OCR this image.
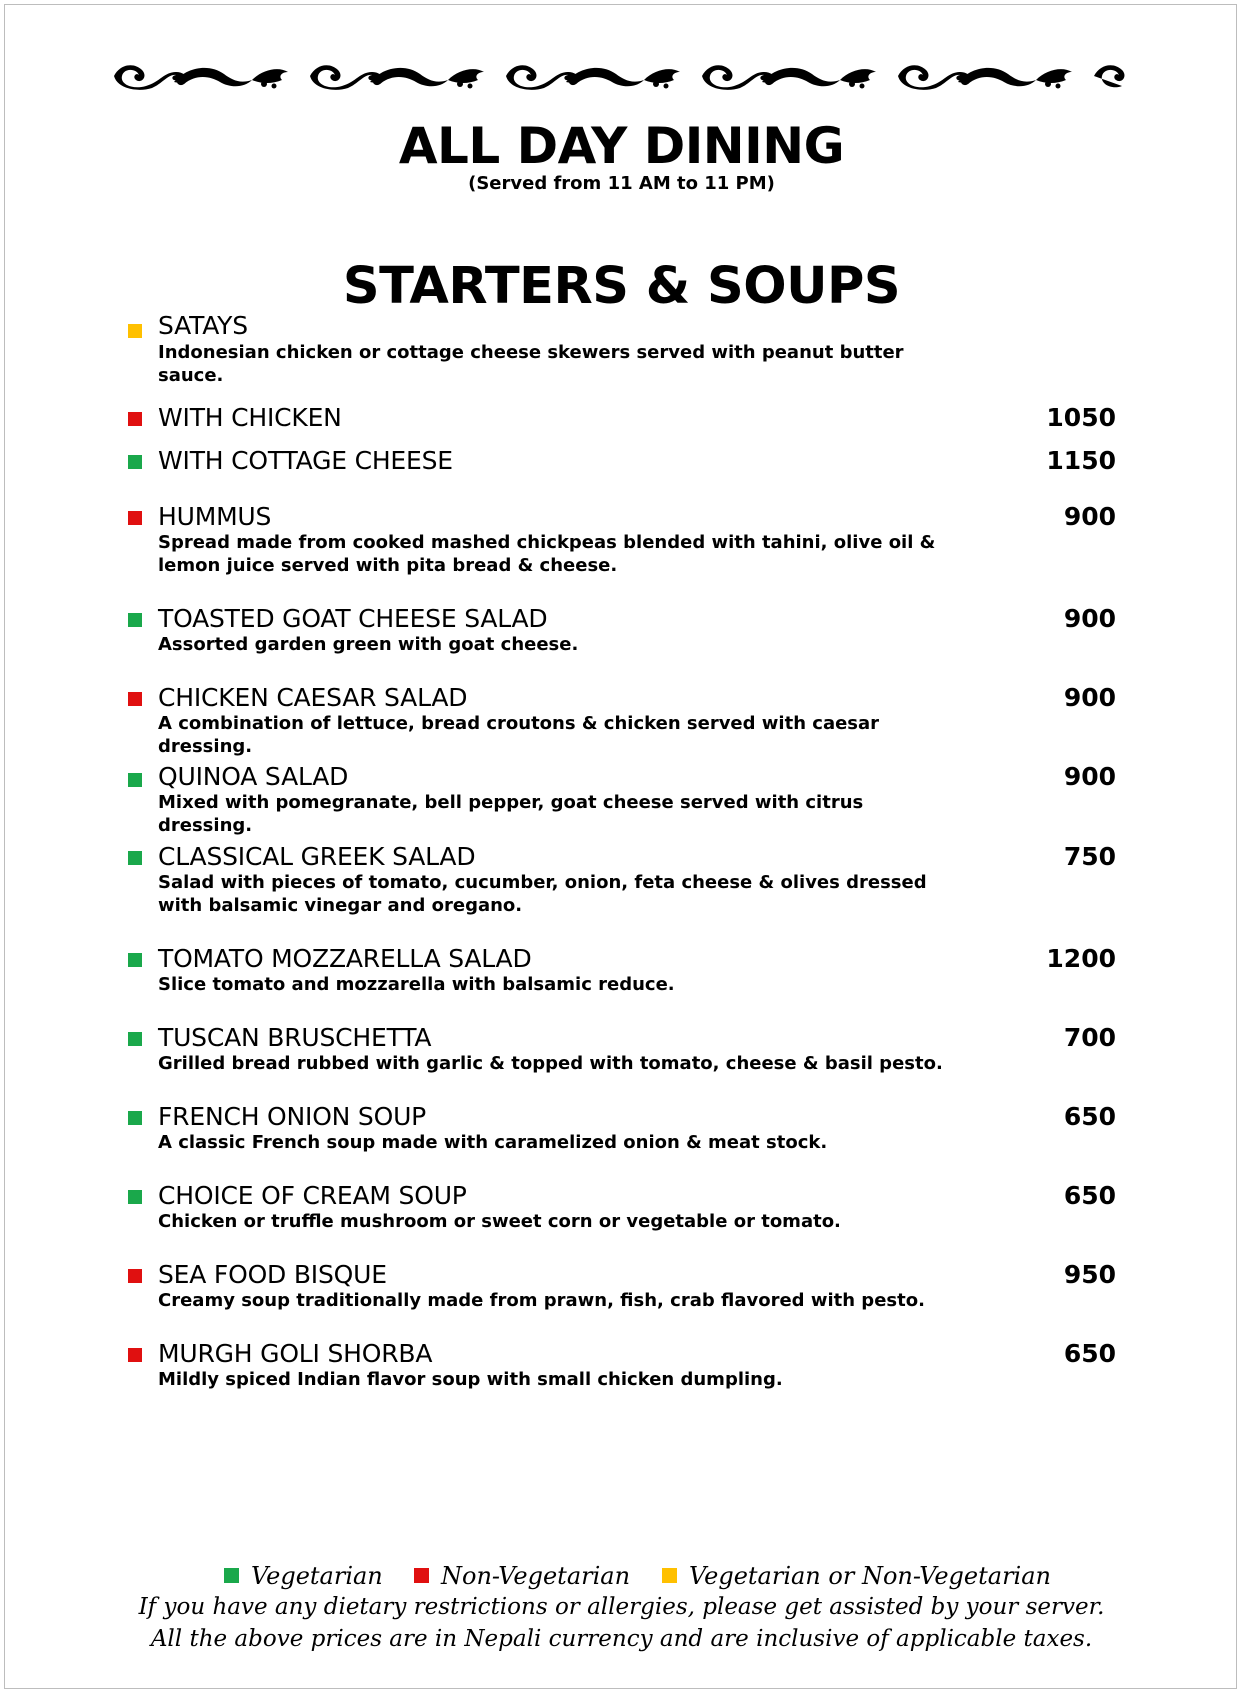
ALL DAY DINING
(Served from 11 AM to 11 PM)
STARTERS & SOUPS
SATAYS
Indonesian chicken or cottage cheese skewers served with peanut butter sauce.
WITH CHICKEN	1050
WITH COTTAGE CHEESE	1150
HUMMUS	900
Spread made from cooked mashed chickpeas blended with tahini, olive oil & lemon juice served with pita bread & cheese.
TOASTED GOAT CHEESE SALAD	900
Assorted garden green with goat cheese.
CHICKEN CAESAR SALAD	900
A combination of lettuce, bread croutons & chicken served with caesar dressing.
QUINOA SALAD	900
Mixed with pomegranate, bell pepper, goat cheese served with citrus dressing.
CLASSICAL GREEK SALAD	750
Salad with pieces of tomato, cucumber, onion, feta cheese & olives dressed with balsamic vinegar and oregano.
TOMATO MOZZARELLA SALAD	1200
Slice tomato and mozzarella with balsamic reduce.
TUSCAN BRUSCHETTA	700
Grilled bread rubbed with garlic & topped with tomato, cheese & basil pesto.
FRENCH ONION SOUP	650
A classic French soup made with caramelized onion & meat stock.
CHOICE OF CREAM SOUP	650
Chicken or truffle mushroom or sweet corn or vegetable or tomato.
SEA FOOD BISQUE	950
Creamy soup traditionally made from prawn, fish, crab flavored with pesto.
MURGH GOLI SHORBA	650
Mildly spiced Indian flavor soup with small chicken dumpling.
Vegetarian	Non-Vegetarian	Vegetarian or Non-Vegetarian
If you have any dietary restrictions or allergies, please get assisted by your server.
All the above prices are in Nepali currency and are inclusive of applicable taxes.
